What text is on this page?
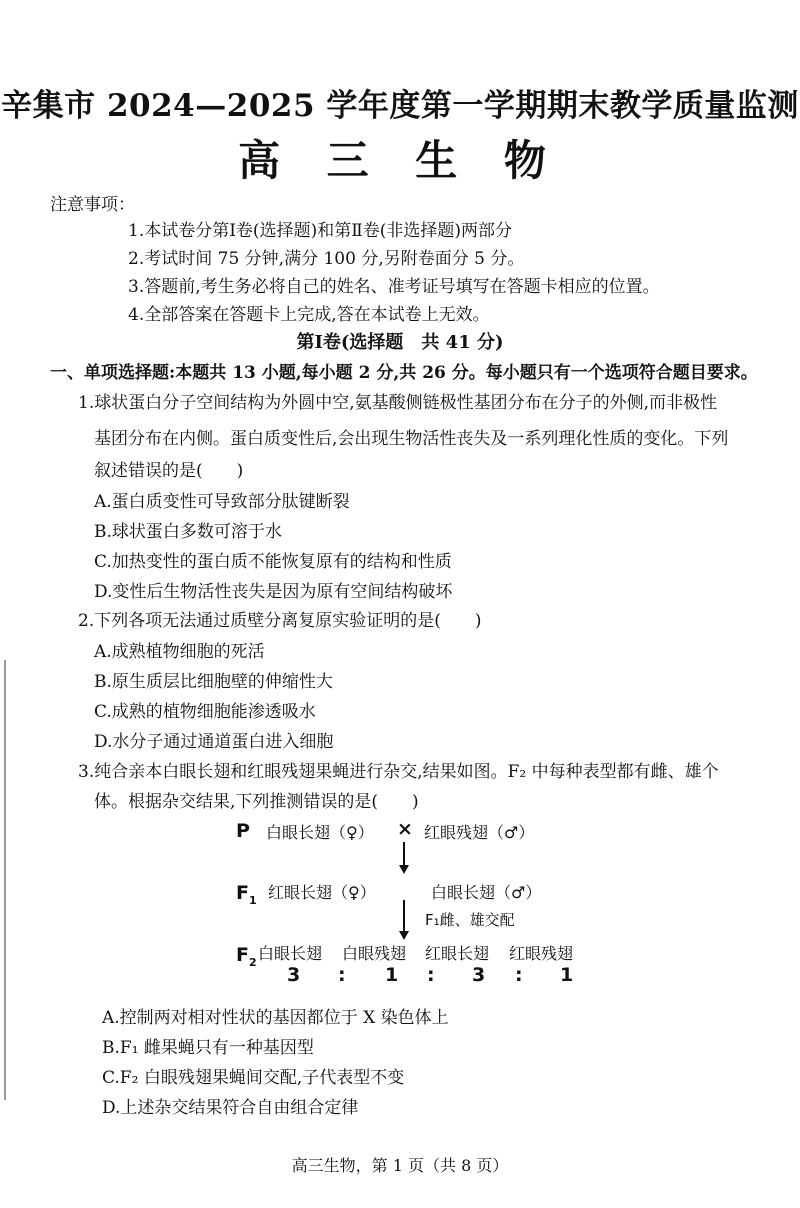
辛集市 2024—2025 学年度第一学期期末教学质量监测
高 三 生 物
注意事项：
1.本试卷分第Ⅰ卷(选择题)和第Ⅱ卷(非选择题)两部分
2.考试时间 75 分钟,满分 100 分,另附卷面分 5 分。
3.答题前,考生务必将自己的姓名、准考证号填写在答题卡相应的位置。
4.全部答案在答题卡上完成,答在本试卷上无效。
第Ⅰ卷(选择题　共 41 分)
一、单项选择题:本题共 13 小题,每小题 2 分,共 26 分。每小题只有一个选项符合题目要求。
1.球状蛋白分子空间结构为外圆中空,氨基酸侧链极性基团分布在分子的外侧,而非极性
基团分布在内侧。蛋白质变性后,会出现生物活性丧失及一系列理化性质的变化。下列
叙述错误的是(　　)
A.蛋白质变性可导致部分肽键断裂
B.球状蛋白多数可溶于水
C.加热变性的蛋白质不能恢复原有的结构和性质
D.变性后生物活性丧失是因为原有空间结构破坏
2.下列各项无法通过质壁分离复原实验证明的是(　　)
A.成熟植物细胞的死活
B.原生质层比细胞壁的伸缩性大
C.成熟的植物细胞能渗透吸水
D.水分子通过通道蛋白进入细胞
3.纯合亲本白眼长翅和红眼残翅果蝇进行杂交,结果如图。F₂ 中每种表型都有雌、雄个
体。根据杂交结果,下列推测错误的是(　　)
P 白眼长翅（♀） × 红眼残翅（♂）
$F_1$ 红眼长翅（♀）	白眼长翅（♂）
F₁雌、雄交配
$F_2$ 白眼长翅 白眼残翅 红眼长翅 红眼残翅
3 : 1 : 3 : 1
A.控制两对相对性状的基因都位于 X 染色体上
B.F₁ 雌果蝇只有一种基因型
C.F₂ 白眼残翅果蝇间交配,子代表型不变
D.上述杂交结果符合自由组合定律
高三生物，第 1 页（共 8 页）
